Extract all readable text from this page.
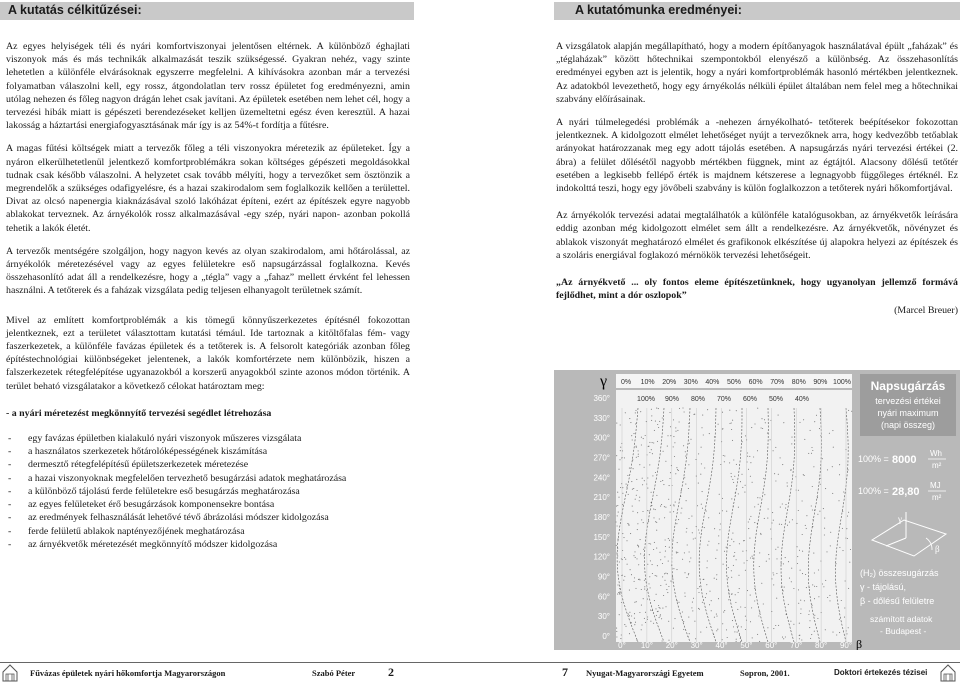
A kutatás célkitűzései:

Az egyes helyiségek téli és nyári komfortviszonyai jelentősen eltérnek. A különböző éghajlati viszonyok más és más technikák alkalmazását teszik szükségessé. Gyakran nehéz, vagy szinte lehetetlen a különféle elvárásoknak egyszerre megfelelni. A kihívásokra azonban már a tervezési folyamatban válaszolni kell, egy rossz, átgondolatlan terv rossz épületet fog eredményezni, amin utólag nehezen és főleg nagyon drágán lehet csak javítani. Az épületek esetében nem lehet cél, hogy a tervezési hibák miatt is gépészeti berendezéseket kelljen üzemeltetni egész éven keresztül. A hazai lakosság a háztartási energiafogyasztásának már így is az 54%-t fordítja a fűtésre.

A magas fűtési költségek miatt a tervezők főleg a téli viszonyokra méretezik az épületeket. Így a nyáron elkerülhetetlenül jelentkező komfortproblémákra sokan költséges gépészeti megoldásokkal tudnak csak később válaszolni. A helyzetet csak tovább mélyíti, hogy a tervezőket sem ösztönzik a megrendelők a szükséges odafigyelésre, és a hazai szakirodalom sem foglalkozik kellően a területtel. Divat az olcsó napenergia kiaknázásával szoló lakóházat építeni, ezért az építészek egyre nagyobb ablakokat terveznek. Az árnyékolók rossz alkalmazásával -egy szép, nyári napon- azonban pokollá tehetik a lakók életét.

A tervezők mentségére szolgáljon, hogy nagyon kevés az olyan szakirodalom, ami hőtárolással, az árnyékolók méretezésével vagy az egyes felületekre eső napsugárzással foglalkozna. Kevés összehasonlító adat áll a rendelkezésre, hogy a „tégla” vagy a „fahaz” mellett érvként fel lehessen használni. A tetőterek és a faházak vizsgálata pedig teljesen elhanyagolt területnek számít.

Mivel az említett komfortproblémák a kis tömegű könnyűszerkezetes építésnél fokozottan jelentkeznek, ezt a területet választottam kutatási témául. Ide tartoznak a kitöltőfalas fém- vagy faszerkezetek, a különféle favázas épületek és a tetőterek is. A felsorolt kategóriák azonban főleg építéstechnológiai különbségeket jelentenek, a lakók komfortérzete nem különbözik, hiszen a falszerkezetek rétegfelépítése ugyanazokból a korszerű anyagokból szinte azonos módon történik. A terület beható vizsgálatakor a következő célokat határoztam meg:

- a nyári méretezést megkönnyítő tervezési segédlet létrehozása

- egy favázas épületben kialakuló nyári viszonyok műszeres vizsgálata
- a használatos szerkezetek hőtárolóképességének kiszámítása
- dermesztő rétegfelépítésű épületszerkezetek méretezése
- a hazai viszonyoknak megfelelően tervezhető besugárzási adatok meghatározása
- a különböző tájolású ferde felületekre eső besugárzás meghatározása
- az egyes felületeket érő besugárzások komponensekre bontása
- az eredmények felhasználását lehetővé tévő ábrázolási módszer kidolgozása
- ferde felületű ablakok naptényezőjének meghatározása
- az árnyékvetők méretezését megkönnyítő módszer kidolgozása
Fűvázas épületek nyári hőkomfortja Magyarországon	Szabó Péter	2
A kutatómunka eredményei:

A vizsgálatok alapján megállapítható, hogy a modern építőanyagok használatával épült „faházak” és „téglaházak” között hőtechnikai szempontokból elenyésző a különbség. Az összehasonlítás eredményei egyben azt is jelentik, hogy a nyári komfortproblémák hasonló mértékben jelentkeznek. Az adatokból levezethető, hogy egy árnyékolás nélküli épület általában nem felel meg a hőtechnikai szabvány előírásainak.

A nyári túlmelegedési problémák a -nehezen árnyékolható- tetőterek beépítésekor fokozottan jelentkeznek. A kidolgozott elmélet lehetőséget nyújt a tervezőknek arra, hogy kedvezőbb tetőablak arányokat határozzanak meg egy adott tájolás esetében. A napsugárzás nyári tervezési értékei (2. ábra) a felület dőlésétől nagyobb mértékben függnek, mint az égtájtól. Alacsony dőlésű tetőtér esetében a legkisebb fellépő érték is majdnem kétszerese a legnagyobb függőleges értéknél. Ez indokolttá teszi, hogy egy jövőbeli szabvány is külön foglalkozzon a tetőterek nyári hőkomfortjával.

Az árnyékolók tervezési adatai megtalálhatók a különféle katalógusokban, az árnyékvetők leírására eddig azonban még kidolgozott elmélet sem állt a rendelkezésre. Az árnyékvetők, növényzet és ablakok viszonyát meghatározó elmélet és grafikonok elkészítése új alapokra helyezi az építészek és a szoláris energiával foglakozó mérnökök tervezési lehetőségeit.

„Az árnyékvető ... oly fontos eleme építészetünknek, hogy ugyanolyan jellemző formává fejlődhet, mint a dór oszlopok”

(Marcel Breuer)

7 Nyugat-Magyarországi Egyetem	Sopron, 2001.	Doktori értekezés tézisei
0% 10% 20% 30% 40% 50% 60% 70% 80% 90% 100%
100% 90% 80% 70% 60% 50% 40%
360°
330°
300°
270°
240°
210°
180°
150°
120°
90°
60°
30°
0°
0° 10° 20° 30° 40° 50° 60° 70° 80° 90°
γ	Napsugárzás
tervezési értékei
nyári maximum
(napi összeg)
100% = 8000
Wh
m²
100% = 28,80
MJ
m²
γ
β
(H₂) összesugárzás
γ - tájolású,
β - dőlésű felületre
számított adatok
- Budapest -
β
